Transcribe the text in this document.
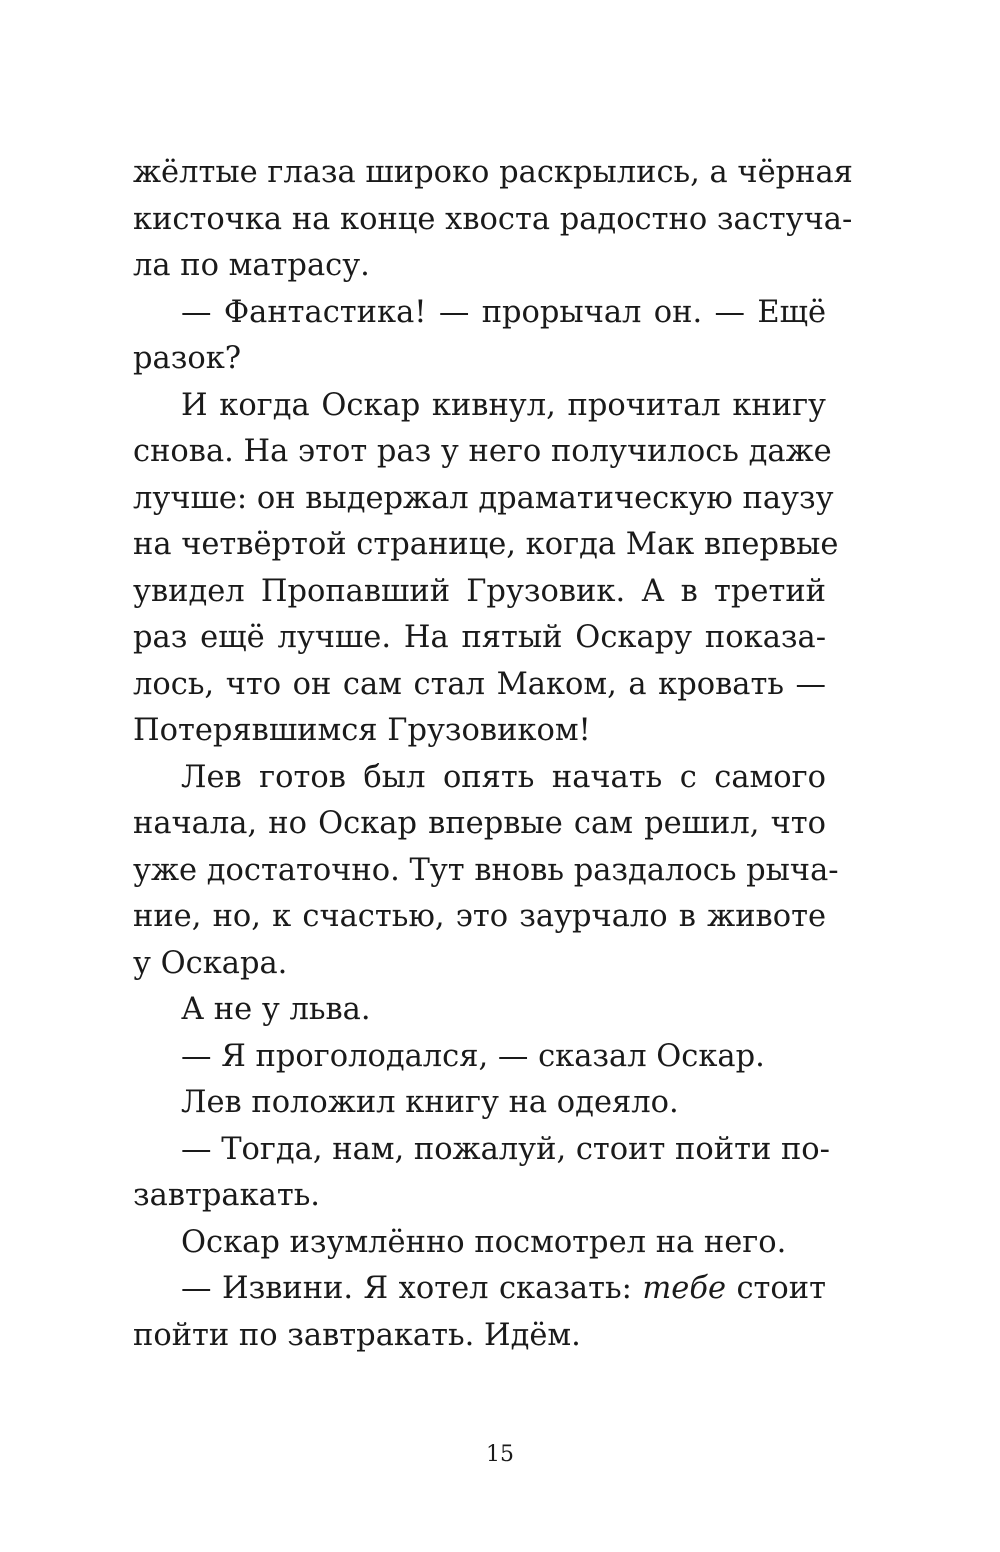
жёлтые глаза широко раскрылись, а чёрная
кисточка на конце хвоста радостно застуча-
ла по матрасу.
— Фантастика! — прорычал он. — Ещё
разок?
И когда Оскар кивнул, прочитал книгу
снова. На этот раз у него получилось даже
лучше: он выдержал драматическую паузу
на четвёртой странице, когда Мак впервые
увидел Пропавший Грузовик. А в третий
раз ещё лучше. На пятый Оскару показа-
лось, что он сам стал Маком, а кровать —
Потерявшимся Грузовиком!
Лев готов был опять начать с самого
начала, но Оскар впервые сам решил, что
уже достаточно. Тут вновь раздалось рыча-
ние, но, к счастью, это заурчало в животе
у Оскара.
А не у льва.
— Я проголодался, — сказал Оскар.
Лев положил книгу на одеяло.
— Тогда, нам, пожалуй, стоит пойти по-
завтракать.
Оскар изумлённо посмотрел на него.
— Извини. Я хотел сказать: тебе стоит
пойти по завтракать. Идём.
15
